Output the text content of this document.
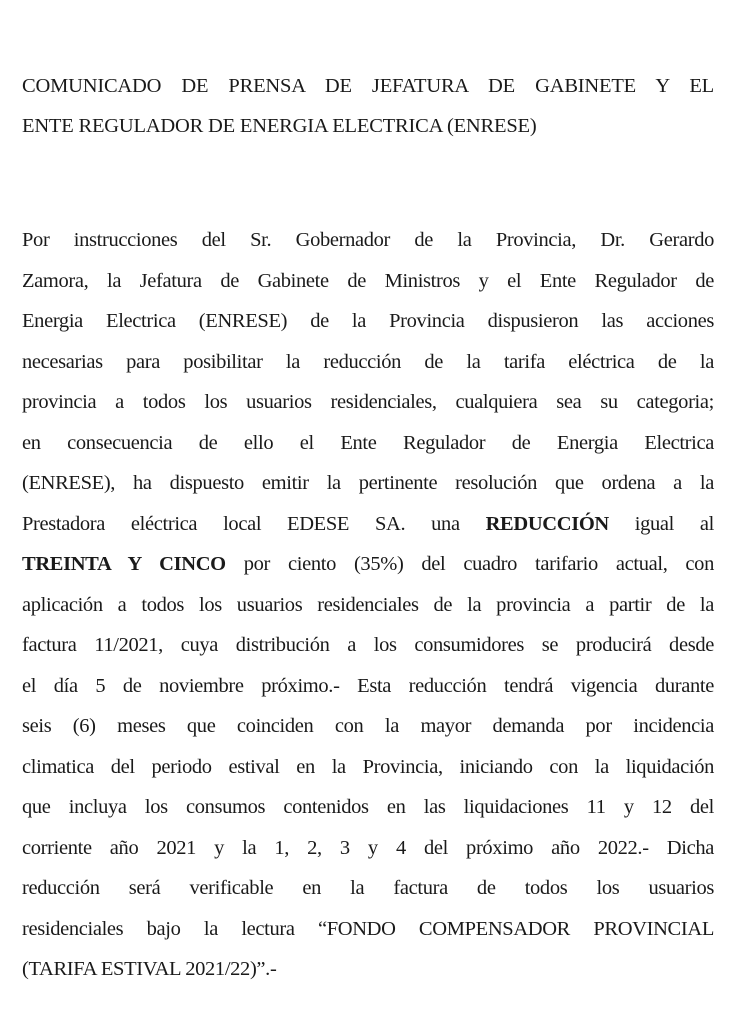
COMUNICADO DE PRENSA DE JEFATURA DE GABINETE Y EL
ENTE REGULADOR DE ENERGIA ELECTRICA (ENRESE)
Por instrucciones del Sr. Gobernador de la Provincia, Dr. Gerardo
Zamora, la Jefatura de Gabinete de Ministros y el Ente Regulador de
Energia Electrica (ENRESE) de la Provincia dispusieron las acciones
necesarias para posibilitar la reducción de la tarifa eléctrica de la
provincia a todos los usuarios residenciales, cualquiera sea su categoria;
en consecuencia de ello el Ente Regulador de Energia Electrica
(ENRESE), ha dispuesto emitir la pertinente resolución que ordena a la
Prestadora eléctrica local EDESE SA. una REDUCCIÓN igual al
TREINTA Y CINCO por ciento (35%) del cuadro tarifario actual, con
aplicación a todos los usuarios residenciales de la provincia a partir de la
factura 11/2021, cuya distribución a los consumidores se producirá desde
el día 5 de noviembre próximo.- Esta reducción tendrá vigencia durante
seis (6) meses que coinciden con la mayor demanda por incidencia
climatica del periodo estival en la Provincia, iniciando con la liquidación
que incluya los consumos contenidos en las liquidaciones 11 y 12 del
corriente año 2021 y la 1, 2, 3 y 4 del próximo año 2022.- Dicha
reducción será verificable en la factura de todos los usuarios
residenciales bajo la lectura “FONDO COMPENSADOR PROVINCIAL
(TARIFA ESTIVAL 2021/22)”.-
